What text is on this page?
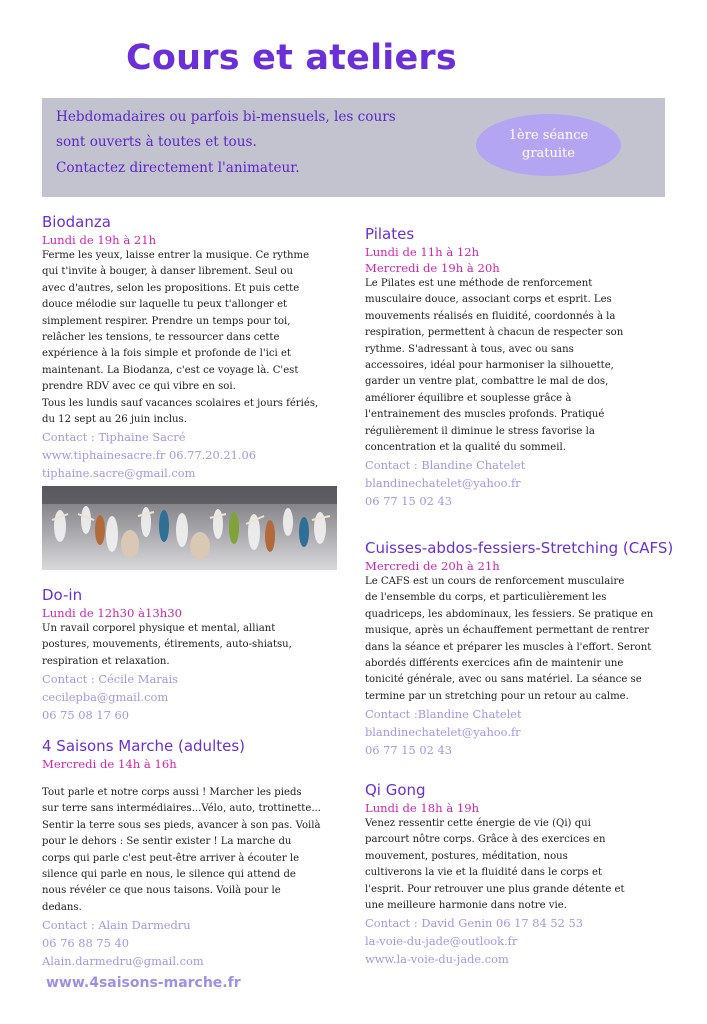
Cours et ateliers
Hebdomadaires ou parfois bi-mensuels, les cours
sont ouverts à toutes et tous.
Contactez directement l'animateur.
1ère séance
gratuite
Biodanza
Lundi de 19h à 21h
Ferme les yeux, laisse entrer la musique. Ce rythme
qui t'invite à bouger, à danser librement. Seul ou
avec d'autres, selon les propositions. Et puis cette
douce mélodie sur laquelle tu peux t'allonger et
simplement respirer. Prendre un temps pour toi,
relâcher les tensions, te ressourcer dans cette
expérience à la fois simple et profonde de l'ici et
maintenant. La Biodanza, c'est ce voyage là. C'est
prendre RDV avec ce qui vibre en soi.
Tous les lundis sauf vacances scolaires et jours fériés,
du 12 sept au 26 juin inclus.
Contact : Tiphaine Sacré
www.tiphainesacre.fr 06.77.20.21.06
tiphaine.sacre@gmail.com
Do-in
Lundi de 12h30 à13h30
Un ravail corporel physique et mental, alliant
postures, mouvements, étirements, auto-shiatsu,
respiration et relaxation.
Contact : Cécile Marais
cecilepba@gmail.com
06 75 08 17 60
4 Saisons Marche (adultes)
Mercredi de 14h à 16h
Tout parle et notre corps aussi ! Marcher les pieds
sur terre sans intermédiaires...Vélo, auto, trottinette...
Sentir la terre sous ses pieds, avancer à son pas. Voilà
pour le dehors : Se sentir exister ! La marche du
corps qui parle c'est peut-être arriver à écouter le
silence qui parle en nous, le silence qui attend de
nous révéler ce que nous taisons. Voilà pour le
dedans.
Contact : Alain Darmedru
06 76 88 75 40
Alain.darmedru@gmail.com
www.4saisons-marche.fr
Pilates
Lundi de 11h à 12h
Mercredi de 19h à 20h
Le Pilates est une méthode de renforcement
musculaire douce, associant corps et esprit. Les
mouvements réalisés en fluidité, coordonnés à la
respiration, permettent à chacun de respecter son
rythme. S'adressant à tous, avec ou sans
accessoires, idéal pour harmoniser la silhouette,
garder un ventre plat, combattre le mal de dos,
améliorer équilibre et souplesse grâce à
l'entrainement des muscles profonds. Pratiqué
régulièrement il diminue le stress favorise la
concentration et la qualité du sommeil.
Contact : Blandine Chatelet
blandinechatelet@yahoo.fr
06 77 15 02 43
Cuisses-abdos-fessiers-Stretching (CAFS)
Mercredi de 20h à 21h
Le CAFS est un cours de renforcement musculaire
de l'ensemble du corps, et particulièrement les
quadriceps, les abdominaux, les fessiers. Se pratique en
musique, après un échauffement permettant de rentrer
dans la séance et préparer les muscles à l'effort. Seront
abordés différents exercices afin de maintenir une
tonicité générale, avec ou sans matériel. La séance se
termine par un stretching pour un retour au calme.
Contact :Blandine Chatelet
blandinechatelet@yahoo.fr
06 77 15 02 43
Qi Gong
Lundi de 18h à 19h
Venez ressentir cette énergie de vie (Qi) qui
parcourt nôtre corps. Grâce à des exercices en
mouvement, postures, méditation, nous
cultiverons la vie et la fluidité dans le corps et
l'esprit. Pour retrouver une plus grande détente et
une meilleure harmonie dans notre vie.
Contact : David Genin 06 17 84 52 53
la-voie-du-jade@outlook.fr
www.la-voie-du-jade.com
